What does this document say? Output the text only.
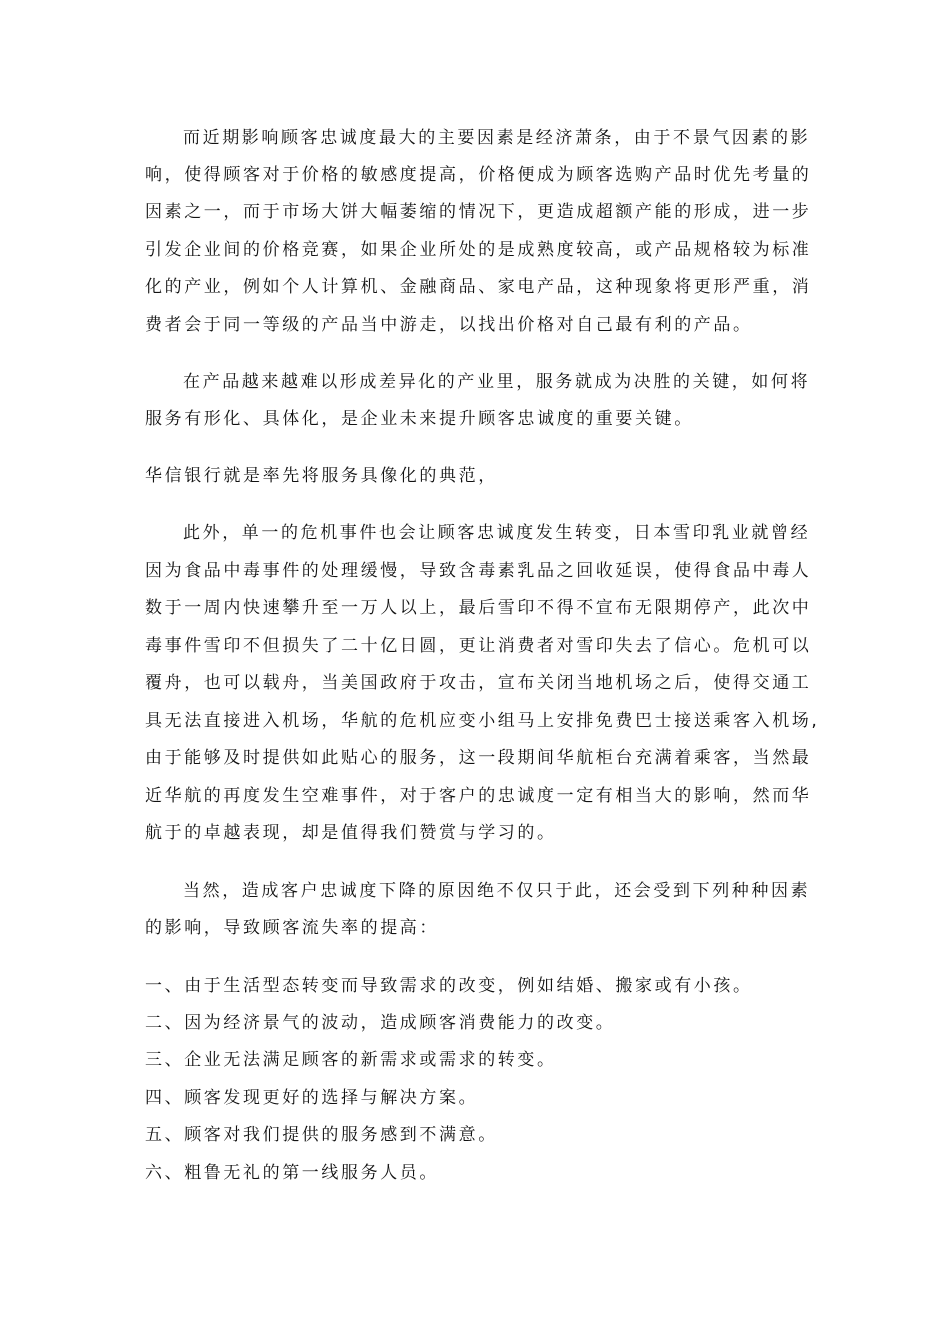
而近期影响顾客忠诚度最大的主要因素是经济萧条，由于不景气因素的影
响，使得顾客对于价格的敏感度提高，价格便成为顾客选购产品时优先考量的
因素之一，而于市场大饼大幅萎缩的情况下，更造成超额产能的形成，进一步
引发企业间的价格竞赛，如果企业所处的是成熟度较高，或产品规格较为标准
化的产业，例如个人计算机、金融商品、家电产品，这种现象将更形严重，消
费者会于同一等级的产品当中游走，以找出价格对自己最有利的产品。
在产品越来越难以形成差异化的产业里，服务就成为决胜的关键，如何将
服务有形化、具体化，是企业未来提升顾客忠诚度的重要关键。
华信银行就是率先将服务具像化的典范，
此外，单一的危机事件也会让顾客忠诚度发生转变，日本雪印乳业就曾经
因为食品中毒事件的处理缓慢，导致含毒素乳品之回收延误，使得食品中毒人
数于一周内快速攀升至一万人以上，最后雪印不得不宣布无限期停产，此次中
毒事件雪印不但损失了二十亿日圆，更让消费者对雪印失去了信心。危机可以
覆舟，也可以载舟，当美国政府于攻击，宣布关闭当地机场之后，使得交通工
具无法直接进入机场，华航的危机应变小组马上安排免费巴士接送乘客入机场,
由于能够及时提供如此贴心的服务，这一段期间华航柜台充满着乘客，当然最
近华航的再度发生空难事件，对于客户的忠诚度一定有相当大的影响，然而华
航于的卓越表现，却是值得我们赞赏与学习的。
当然，造成客户忠诚度下降的原因绝不仅只于此，还会受到下列种种因素
的影响，导致顾客流失率的提高：
一、由于生活型态转变而导致需求的改变，例如结婚、搬家或有小孩。
二、因为经济景气的波动，造成顾客消费能力的改变。
三、企业无法满足顾客的新需求或需求的转变。
四、顾客发现更好的选择与解决方案。
五、顾客对我们提供的服务感到不满意。
六、粗鲁无礼的第一线服务人员。
